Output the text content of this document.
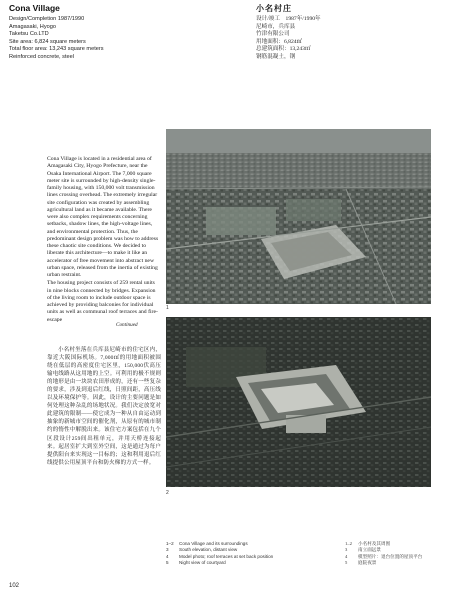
Cona Village
Design/Completion 1987/1990
Amagasaki, Hyogo
Taketsu Co.LTD
Site area: 6,824 square meters
Total floor area: 13,243 square meters
Reinforced concrete, steel
小名村庄
设计/竣工　1987年/1990年
尼崎市，兵库县
竹津有限公司
用地面积：6,824㎡
总建筑面积：13,243㎡
钢筋混凝土，钢

Cona Village is located in a residential area of Amagasaki City, Hyogo Prefecture, near the Osaka International Airport. The 7,000 square meter site is surrounded by high-density single-family housing, with 150,000 volt transmission lines crossing overhead. The extremely irregular site configuration was created by assembling agricultural land as it became available. There were also complex requirements concerning setbacks, shadow lines, the high-voltage lines, and environmental protection. Thus, the predominant design problem was how to address these chaotic site conditions. We decided to liberate this architecture—to make it like an accelerator of free movement into abstract new urban space, released from the inertia of existing urban restraint.

The housing project consists of 259 rental units in nine blocks connected by bridges. Expansion of the living room to include outdoor space is achieved by providing balconies for individual units as well as communal roof terraces and fire-escape

Continued

小名村坐落在兵库县尼崎市的住宅区内，靠近大阪国际机场。7,000㎡的用地面积被围绕在低层的高密度住宅区里，150,000伏高压输电线路从这用地的上空。可利用的极不规则的地形是由一块块农田形成的，还有一些复杂的要求，涉及到退后红线，日照间距，高压线以及环境保护等。因此，设计的主要问题是如何处理这种杂乱的场地状况。我们决定放宽对此建筑的限制——使它成为一种从自由运动到抽象的新城市空间的催化剂，从原有的城市制约的惰性中解脱出来。该住宅方案包括在九个区段设计259间出租单元，并用天桥连接起来。起居室扩大到室外空间，这是通过为每户提供阳台来实现这一目标的；这和利用退后红线提供公用屋顶平台和防火梯的方式一样。

1
2
1–2	Cona Village and its surroundings
3	South elevation, distant view
4	Model photo; roof terraces at set back position
5	Night view of courtyard
1–2	小名村及其周围
3	南立面远景
4	模型照片：退台位置的屋顶平台
5	庭院夜景
102
